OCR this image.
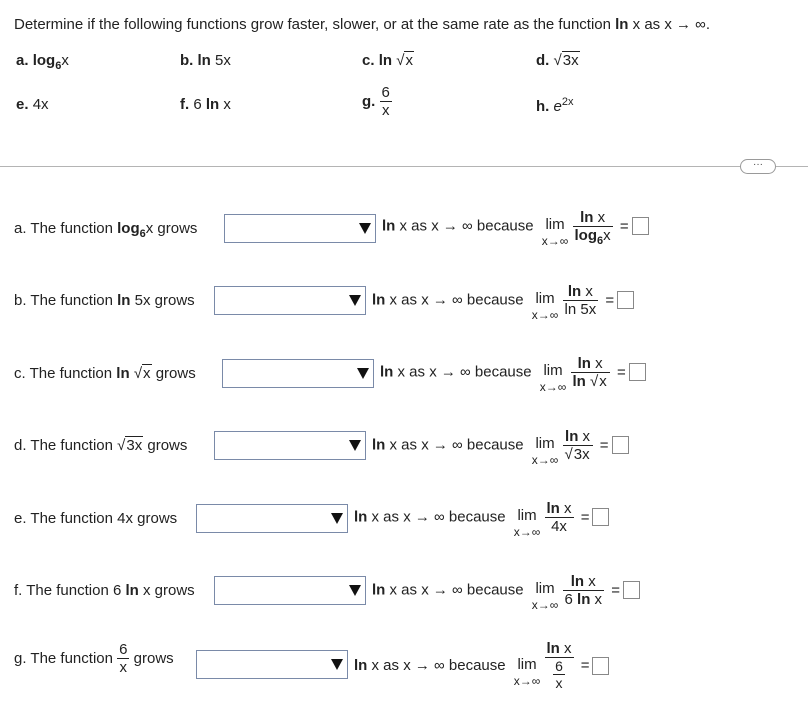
Determine if the following functions grow faster, slower, or at the same rate as the function ln x as x → ∞.
a. $\log_6x$	b. ln 5x	c. ln √x	d. √3x
e. 4x	f. 6 ln x	g. $\frac{6}{x}$	h. $e^{2x}$
···
a. The function $\log_6x$ grows	ln x as x → ∞ because lim
x→∞
$\frac{\text{ln x}}{\log_6x}$ =
b. The function ln 5x grows	ln x as x → ∞ because lim
x→∞
$\frac{\text{ln x}}{\ln 5x}$ =
c. The function ln √x grows	ln x as x → ∞ because lim
x→∞
$\frac{\text{ln x}}{\ln √x}$ =
d. The function √3x grows	ln x as x → ∞ because lim
x→∞
$\frac{\text{ln x}}{√3x}$ =
e. The function 4x grows	ln x as x → ∞ because lim
x→∞
$\frac{\text{ln x}}{4x}$ =
f. The function 6 ln x grows	ln x as x → ∞ because lim
x→∞
$\frac{\text{ln x}}{\text{6 ln x}}$ =
g. The function $\frac{6}{x}$ grows	ln x as x → ∞ because lim
x→∞
$\frac{\text{ln x}}{\frac{6}{x}}$ =
